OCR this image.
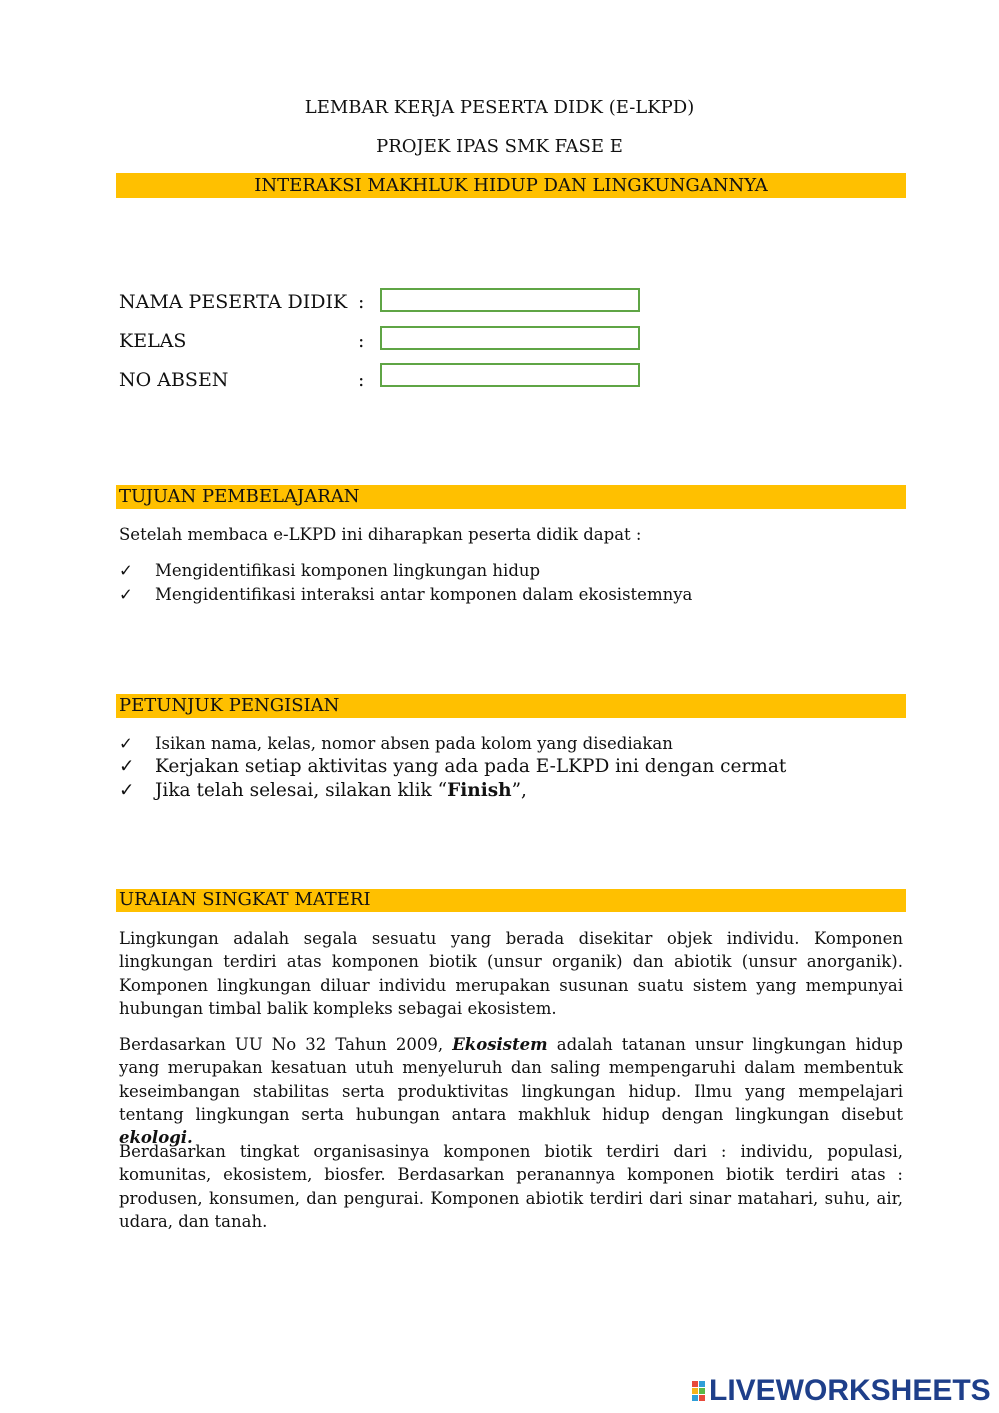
LEMBAR KERJA PESERTA DIDK (E-LKPD)
PROJEK IPAS SMK FASE E
INTERAKSI MAKHLUK HIDUP DAN LINGKUNGANNYA
NAMA PESERTA DIDIK :
KELAS	:
NO ABSEN	:
TUJUAN PEMBELAJARAN
Setelah membaca e-LKPD ini diharapkan peserta didik dapat :
✓ Mengidentifikasi komponen lingkungan hidup
✓ Mengidentifikasi interaksi antar komponen dalam ekosistemnya
PETUNJUK PENGISIAN
✓ Isikan nama, kelas, nomor absen pada kolom yang disediakan
✓ Kerjakan setiap aktivitas yang ada pada E-LKPD ini dengan cermat
✓ Jika telah selesai, silakan klik “Finish”,
URAIAN SINGKAT MATERI

Lingkungan adalah segala sesuatu yang berada disekitar objek individu. Komponen lingkungan terdiri atas komponen biotik (unsur organik) dan abiotik (unsur anorganik). Komponen lingkungan diluar individu merupakan susunan suatu sistem yang mempunyai hubungan timbal balik kompleks sebagai ekosistem.

Berdasarkan UU No 32 Tahun 2009, Ekosistem adalah tatanan unsur lingkungan hidup yang merupakan kesatuan utuh menyeluruh dan saling mempengaruhi dalam membentuk keseimbangan stabilitas serta produktivitas lingkungan hidup. Ilmu yang mempelajari tentang lingkungan serta hubungan antara makhluk hidup dengan lingkungan disebut ekologi.

Berdasarkan tingkat organisasinya komponen biotik terdiri dari : individu, populasi, komunitas, ekosistem, biosfer. Berdasarkan peranannya komponen biotik terdiri atas : produsen, konsumen, dan pengurai. Komponen abiotik terdiri dari sinar matahari, suhu, air, udara, dan tanah.

LIVEWORKSHEETS
